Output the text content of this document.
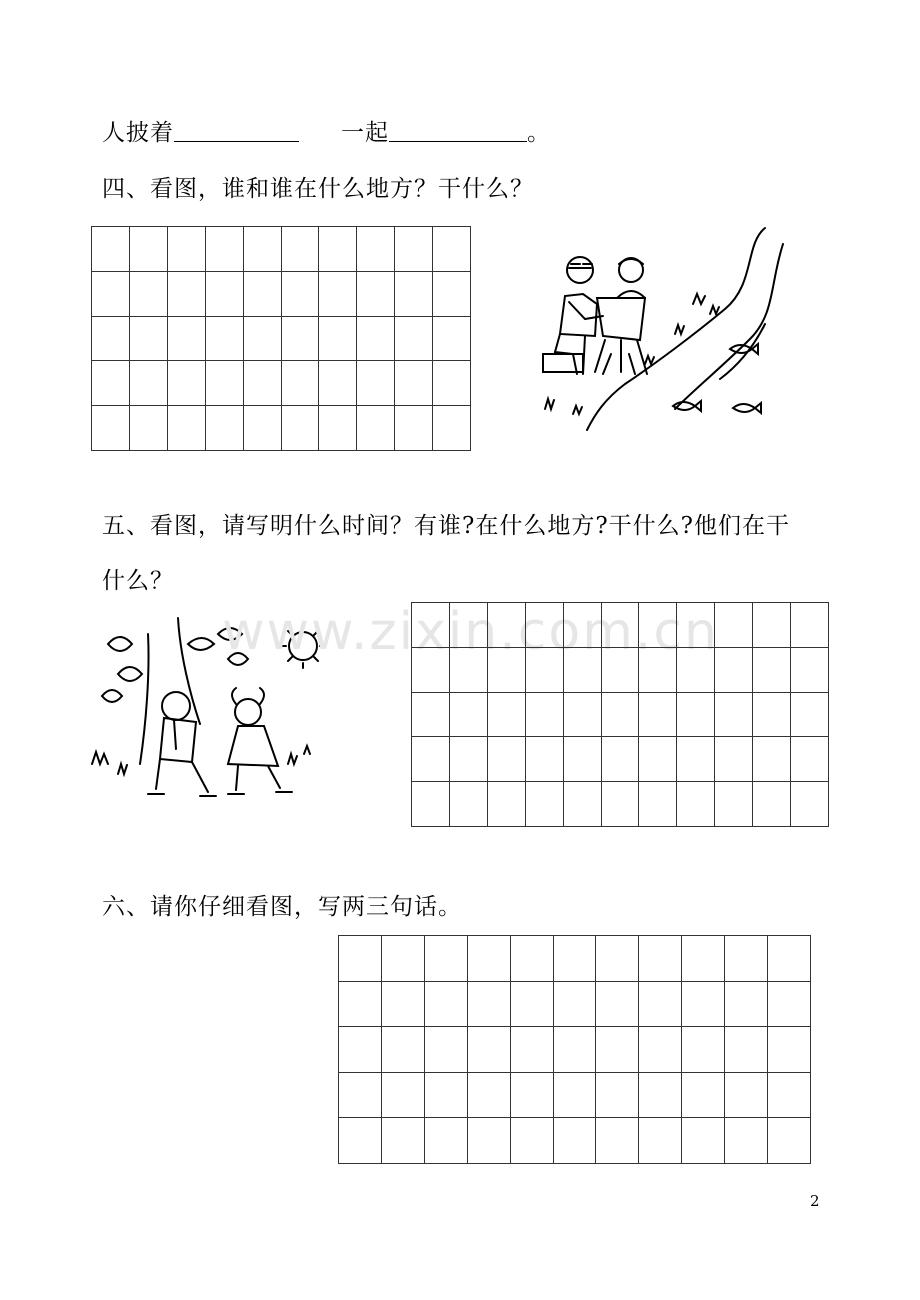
人披着	一起	。
四、看图，谁和谁在什么地方？干什么？
五、看图，请写明什么时间？有谁?在什么地方?干什么?他们在干
什么？
www.zixin.com.cn
六、请你仔细看图，写两三句话。
2
